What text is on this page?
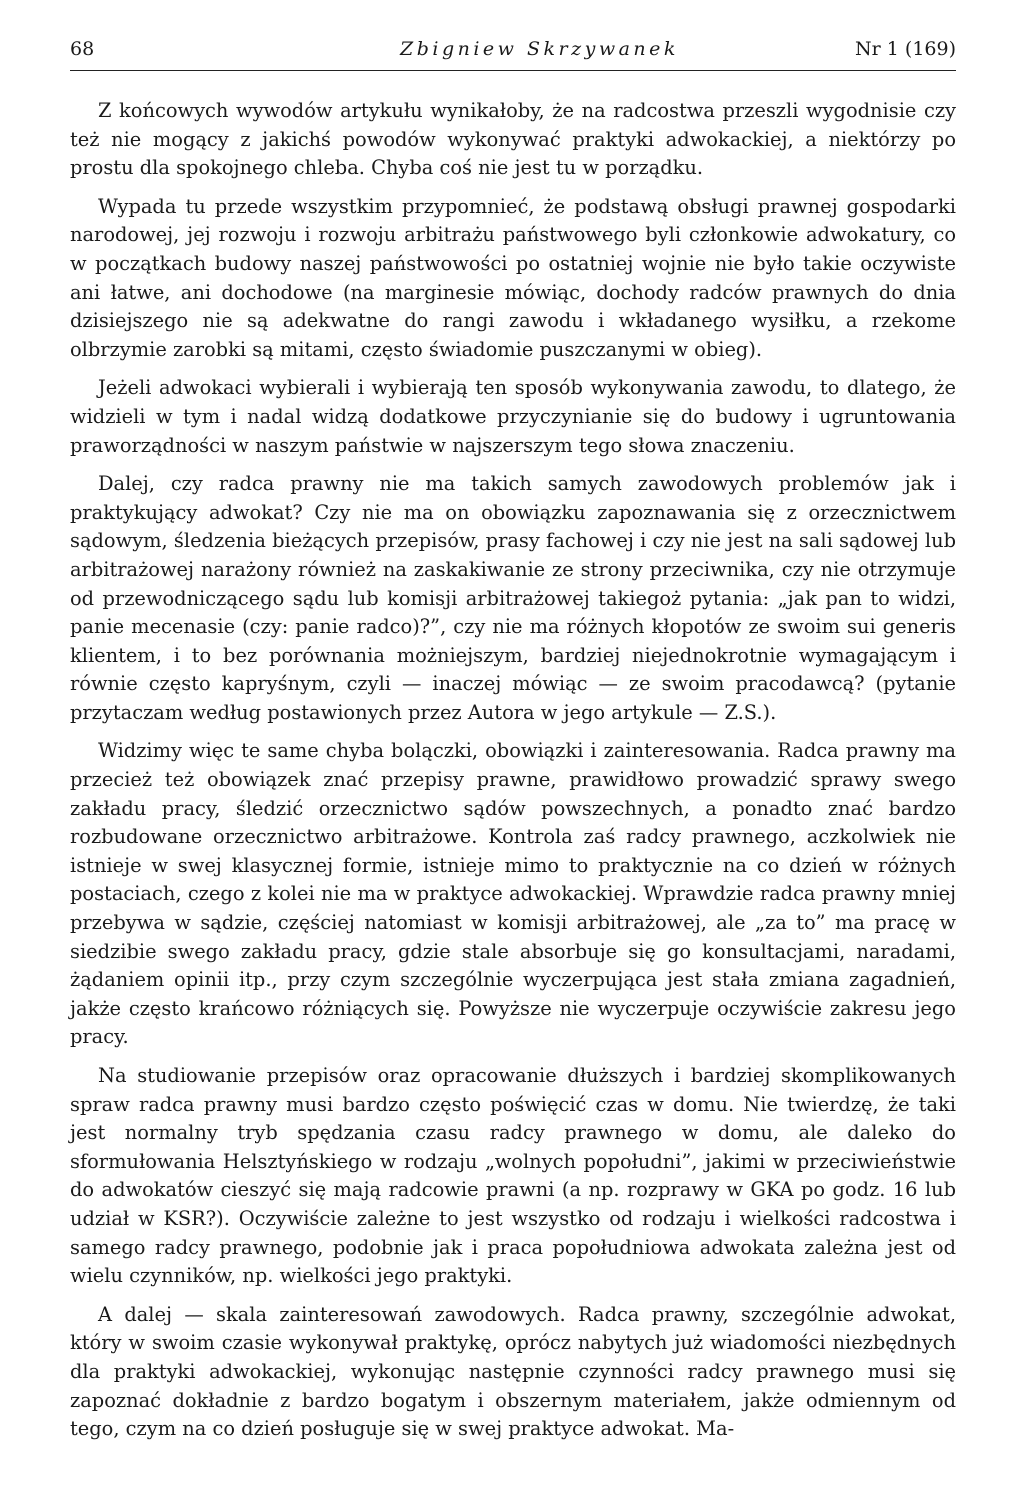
68	Zbigniew Skrzywanek	Nr 1 (169)

Z końcowych wywodów artykułu wynikałoby, że na radcostwa przeszli wygodnisie czy też nie mogący z jakichś powodów wykonywać praktyki adwokackiej, a niektórzy po prostu dla spokojnego chleba. Chyba coś nie jest tu w porządku.

Wypada tu przede wszystkim przypomnieć, że podstawą obsługi prawnej gospodarki narodowej, jej rozwoju i rozwoju arbitrażu państwowego byli członkowie adwokatury, co w początkach budowy naszej państwowości po ostatniej wojnie nie było takie oczywiste ani łatwe, ani dochodowe (na marginesie mówiąc, dochody radców prawnych do dnia dzisiejszego nie są adekwatne do rangi zawodu i wkładanego wysiłku, a rzekome olbrzymie zarobki są mitami, często świadomie puszczanymi w obieg).

Jeżeli adwokaci wybierali i wybierają ten sposób wykonywania zawodu, to dlatego, że widzieli w tym i nadal widzą dodatkowe przyczynianie się do budowy i ugruntowania praworządności w naszym państwie w najszerszym tego słowa znaczeniu.

Dalej, czy radca prawny nie ma takich samych zawodowych problemów jak i praktykujący adwokat? Czy nie ma on obowiązku zapoznawania się z orzecznictwem sądowym, śledzenia bieżących przepisów, prasy fachowej i czy nie jest na sali sądowej lub arbitrażowej narażony również na zaskakiwanie ze strony przeciwnika, czy nie otrzymuje od przewodniczącego sądu lub komisji arbitrażowej takiegoż pytania: „jak pan to widzi, panie mecenasie (czy: panie radco)?”, czy nie ma różnych kłopotów ze swoim sui generis klientem, i to bez porównania możniejszym, bardziej niejednokrotnie wymagającym i równie często kapryśnym, czyli — inaczej mówiąc — ze swoim pracodawcą? (pytanie przytaczam według postawionych przez Autora w jego artykule — Z.S.).

Widzimy więc te same chyba bolączki, obowiązki i zainteresowania. Radca prawny ma przecież też obowiązek znać przepisy prawne, prawidłowo prowadzić sprawy swego zakładu pracy, śledzić orzecznictwo sądów powszechnych, a ponadto znać bardzo rozbudowane orzecznictwo arbitrażowe. Kontrola zaś radcy prawnego, aczkolwiek nie istnieje w swej klasycznej formie, istnieje mimo to praktycznie na co dzień w różnych postaciach, czego z kolei nie ma w praktyce adwokackiej. Wprawdzie radca prawny mniej przebywa w sądzie, częściej natomiast w komisji arbitrażowej, ale „za to” ma pracę w siedzibie swego zakładu pracy, gdzie stale absorbuje się go konsultacjami, naradami, żądaniem opinii itp., przy czym szczególnie wyczerpująca jest stała zmiana zagadnień, jakże często krańcowo różniących się. Powyższe nie wyczerpuje oczywiście zakresu jego pracy.

Na studiowanie przepisów oraz opracowanie dłuższych i bardziej skomplikowanych spraw radca prawny musi bardzo często poświęcić czas w domu. Nie twierdzę, że taki jest normalny tryb spędzania czasu radcy prawnego w domu, ale daleko do sformułowania Helsztyńskiego w rodzaju „wolnych popołudni”, jakimi w przeciwieństwie do adwokatów cieszyć się mają radcowie prawni (a np. rozprawy w GKA po godz. 16 lub udział w KSR?). Oczywiście zależne to jest wszystko od rodzaju i wielkości radcostwa i samego radcy prawnego, podobnie jak i praca popołudniowa adwokata zależna jest od wielu czynników, np. wielkości jego praktyki.

A dalej — skala zainteresowań zawodowych. Radca prawny, szczególnie adwokat, który w swoim czasie wykonywał praktykę, oprócz nabytych już wiadomości niezbędnych dla praktyki adwokackiej, wykonując następnie czynności radcy prawnego musi się zapoznać dokładnie z bardzo bogatym i obszernym materiałem, jakże odmiennym od tego, czym na co dzień posługuje się w swej praktyce adwokat. Ma-
